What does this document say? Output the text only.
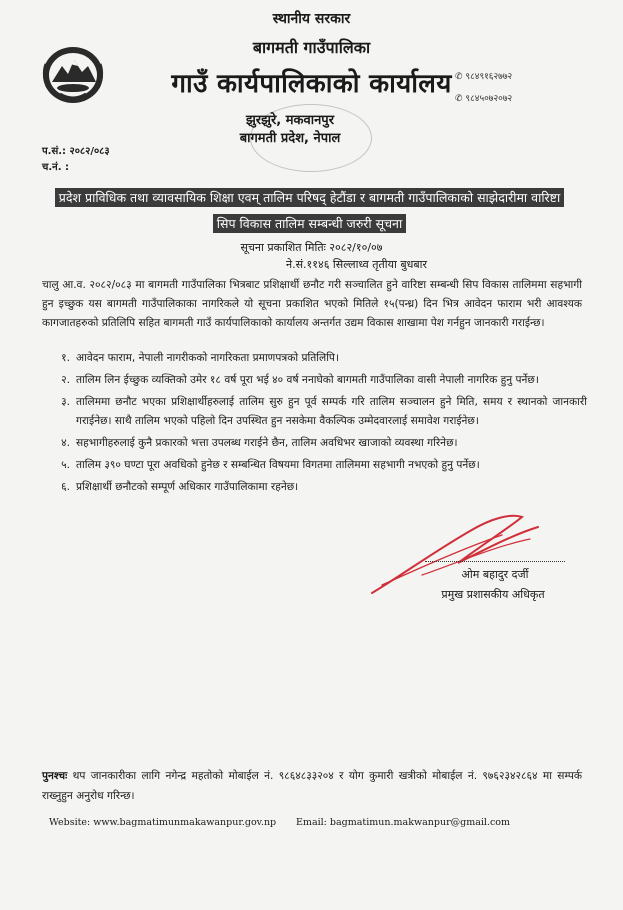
स्थानीय सरकार
बागमती गाउँपालिका
गाउँ कार्यपालिकाको कार्यालय
झुरझुरे, मकवानपुर
बागमती प्रदेश, नेपाल
✆ ९८४९१६२७७२
✆ ९८४५०७२०७२
प.सं.: २०८२/०८३
च.नं. :
प्रदेश प्राविधिक तथा व्यावसायिक शिक्षा एवम् तालिम परिषद् हेटौंडा र बागमती गाउँपालिकाको साझेदारीमा वारिष्टा सिप विकास तालिम सम्बन्धी जरुरी सूचना
सूचना प्रकाशित मितिः २०८२/१०/०७
ने.सं.११४६ सिल्लाध्व तृतीया बुधबार
चालु आ.व. २०८२/०८३ मा बागमती गाउँपालिका भित्रबाट प्रशिक्षार्थी छनौट गरी सञ्चालित हुने वारिष्टा सम्बन्धी सिप विकास तालिममा सहभागी हुन इच्छुक यस बागमती गाउँपालिकाका नागरिकले यो सूचना प्रकाशित भएको मितिले १५(पन्ध्र) दिन भित्र आवेदन फाराम भरी आवश्यक कागजातहरुको प्रतिलिपि सहित बागमती गाउँ कार्यपालिकाको कार्यालय अन्तर्गत उद्यम विकास शाखामा पेश गर्नहुन जानकारी गराईन्छ।
१. आवेदन फाराम, नेपाली नागरीकको नागरिकता प्रमाणपत्रको प्रतिलिपि।
२. तालिम लिन ईच्छुक व्यक्तिको उमेर १८ वर्ष पूरा भई ४० वर्ष ननाघेको बागमती गाउँपालिका वासी नेपाली नागरिक हुनु पर्नेछ।
३. तालिममा छनौट भएका प्रशिक्षार्थीहरुलाई तालिम सुरु हुन पूर्व सम्पर्क गरि तालिम सञ्चालन हुने मिति, समय र स्थानको जानकारी गराईनेछ। साथै तालिम भएको पहिलो दिन उपस्थित हुन नसकेमा वैकल्पिक उम्मेदवारलाई समावेश गराईनेछ।
४. सहभागीहरुलाई कुनै प्रकारको भत्ता उपलब्ध गराईने छैन, तालिम अवधिभर खाजाको व्यवस्था गरिनेछ।
५. तालिम ३९० घण्टा पूरा अवधिको हुनेछ र सम्बन्धित विषयमा विगतमा तालिममा सहभागी नभएको हुनु पर्नेछ।
६. प्रशिक्षार्थी छनौटको सम्पूर्ण अधिकार गाउँपालिकामा रहनेछ।
ओम बहादुर दर्जी
प्रमुख प्रशासकीय अधिकृत
पुनश्चः थप जानकारीका लागि नगेन्द्र महतोको मोबाईल नं. ९८६४८३३२०४ र योग कुमारी खत्रीको मोबाईल नं. ९७६२३४२८६४ मा सम्पर्क राख्नुहुन अनुरोध गरिन्छ।
Website: www.bagmatimunmakawanpur.gov.np Email: bagmatimun.makwanpur@gmail.com
